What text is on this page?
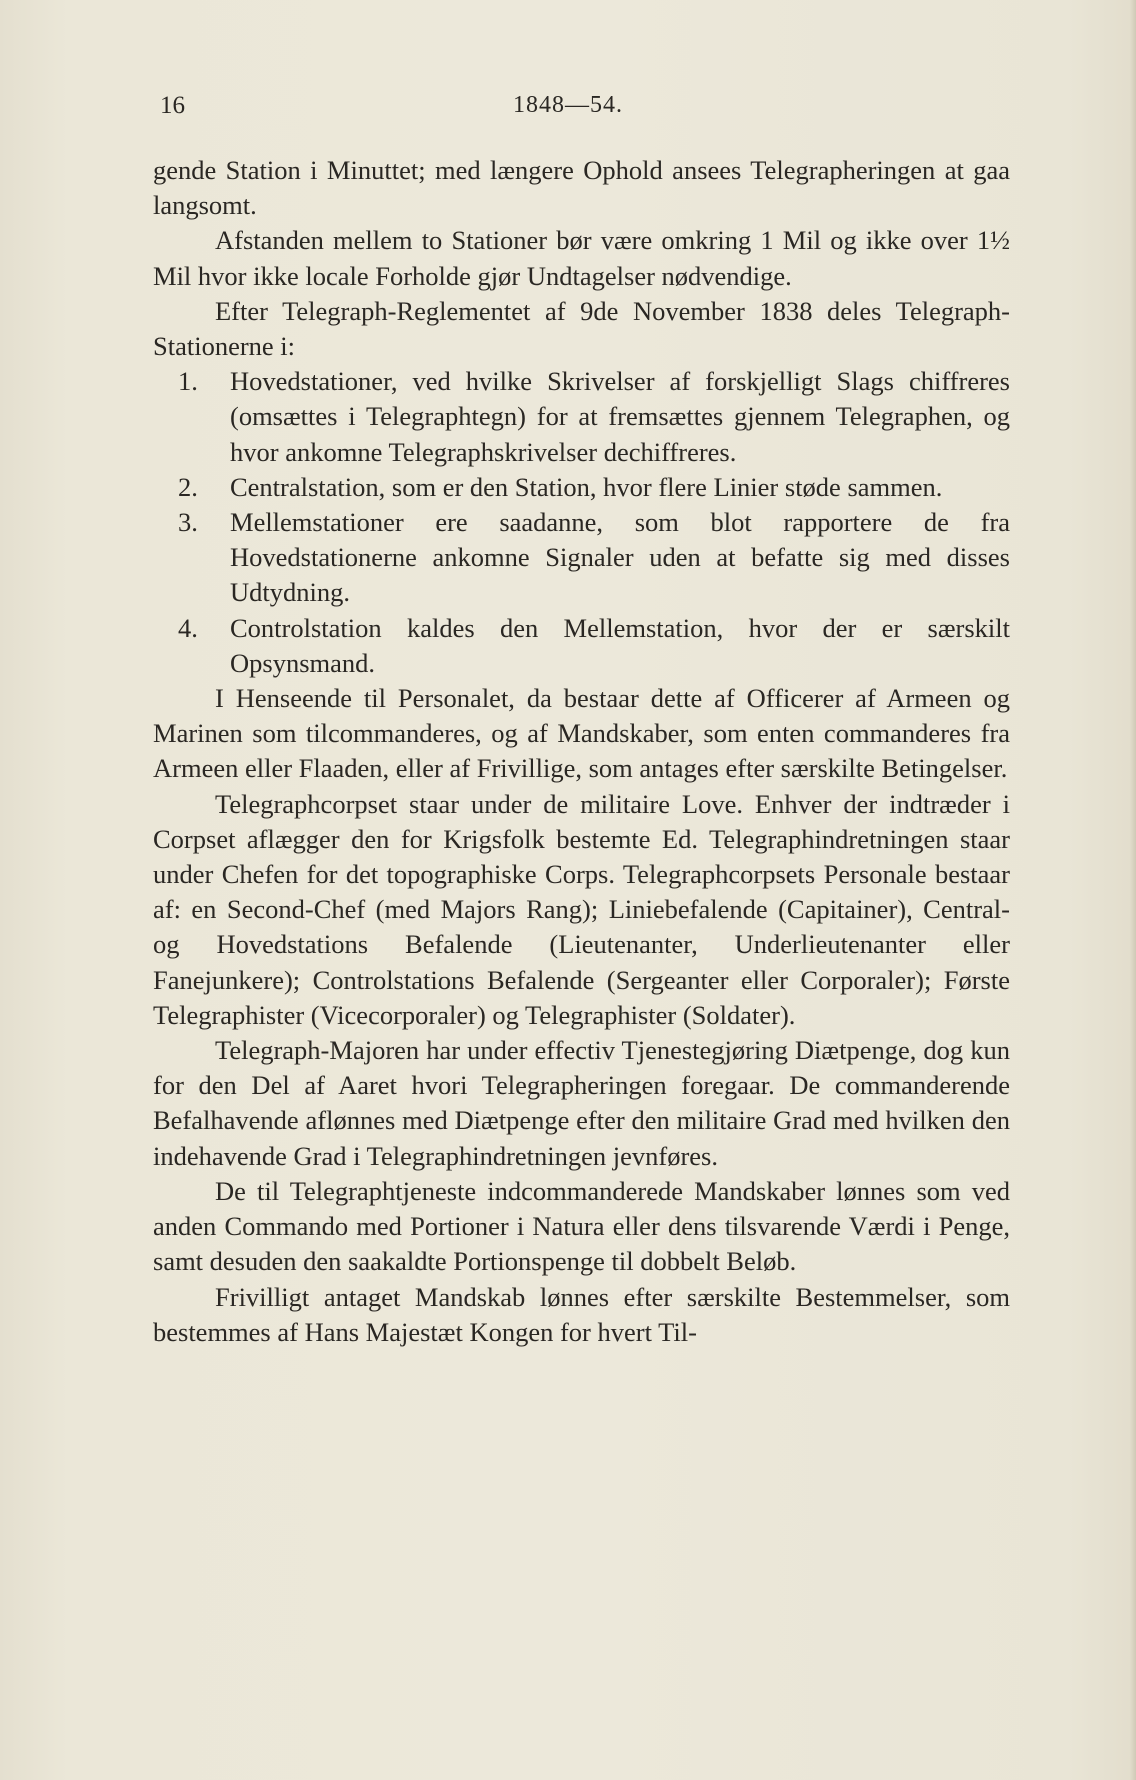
16	1848—54.

gende Station i Minuttet; med længere Ophold ansees Telegrapheringen at gaa langsomt.

Afstanden mellem to Stationer bør være omkring 1 Mil og ikke over 1½ Mil hvor ikke locale Forholde gjør Undtagelser nødvendige.

Efter Telegraph-Reglementet af 9de November 1838 deles Telegraph-Stationerne i:

1. Hovedstationer, ved hvilke Skrivelser af forskjelligt Slags chiffreres (omsættes i Telegraphtegn) for at fremsættes gjennem Telegraphen, og hvor ankomne Telegraphskrivelser dechiffreres.

2. Centralstation, som er den Station, hvor flere Linier støde sammen.

3. Mellemstationer ere saadanne, som blot rapportere de fra Hovedstationerne ankomne Signaler uden at befatte sig med disses Udtydning.

4. Controlstation kaldes den Mellemstation, hvor der er særskilt Opsynsmand.

I Henseende til Personalet, da bestaar dette af Officerer af Armeen og Marinen som tilcommanderes, og af Mandskaber, som enten commanderes fra Armeen eller Flaaden, eller af Frivillige, som antages efter særskilte Betingelser.

Telegraphcorpset staar under de militaire Love. Enhver der indtræder i Corpset aflægger den for Krigsfolk bestemte Ed. Telegraphindretningen staar under Chefen for det topographiske Corps. Telegraphcorpsets Personale bestaar af: en Second-Chef (med Majors Rang); Liniebefalende (Capitainer), Central- og Hovedstations Befalende (Lieutenanter, Underlieutenanter eller Fanejunkere); Controlstations Befalende (Sergeanter eller Corporaler); Første Telegraphister (Vicecorporaler) og Telegraphister (Soldater).

Telegraph-Majoren har under effectiv Tjenestegjøring Diætpenge, dog kun for den Del af Aaret hvori Telegrapheringen foregaar. De commanderende Befalhavende aflønnes med Diætpenge efter den militaire Grad med hvilken den indehavende Grad i Telegraphindretningen jevnføres.

De til Telegraphtjeneste indcommanderede Mandskaber lønnes som ved anden Commando med Portioner i Natura eller dens tilsvarende Værdi i Penge, samt desuden den saakaldte Portionspenge til dobbelt Beløb.

Frivilligt antaget Mandskab lønnes efter særskilte Bestemmelser, som bestemmes af Hans Majestæt Kongen for hvert Til-
